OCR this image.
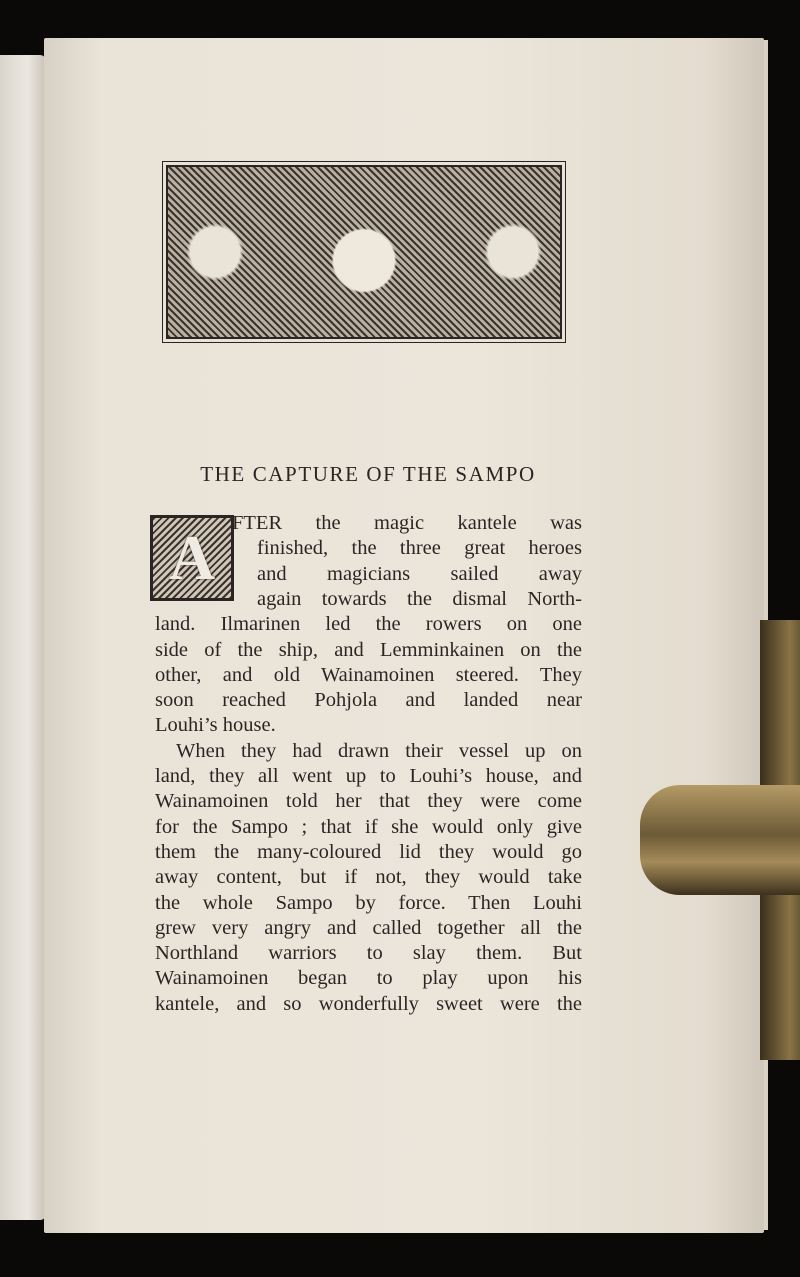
THE CAPTURE OF THE SAMPO
A FTER the magic kantele was
finished, the three great heroes
and magicians sailed away
again towards the dismal North-
land. Ilmarinen led the rowers on one
side of the ship, and Lemminkainen on the
other, and old Wainamoinen steered. They
soon reached Pohjola and landed near
Louhi’s house.
When they had drawn their vessel up on
land, they all went up to Louhi’s house, and
Wainamoinen told her that they were come
for the Sampo ; that if she would only give
them the many-coloured lid they would go
away content, but if not, they would take
the whole Sampo by force. Then Louhi
grew very angry and called together all the
Northland warriors to slay them. But
Wainamoinen began to play upon his
kantele, and so wonderfully sweet were the
